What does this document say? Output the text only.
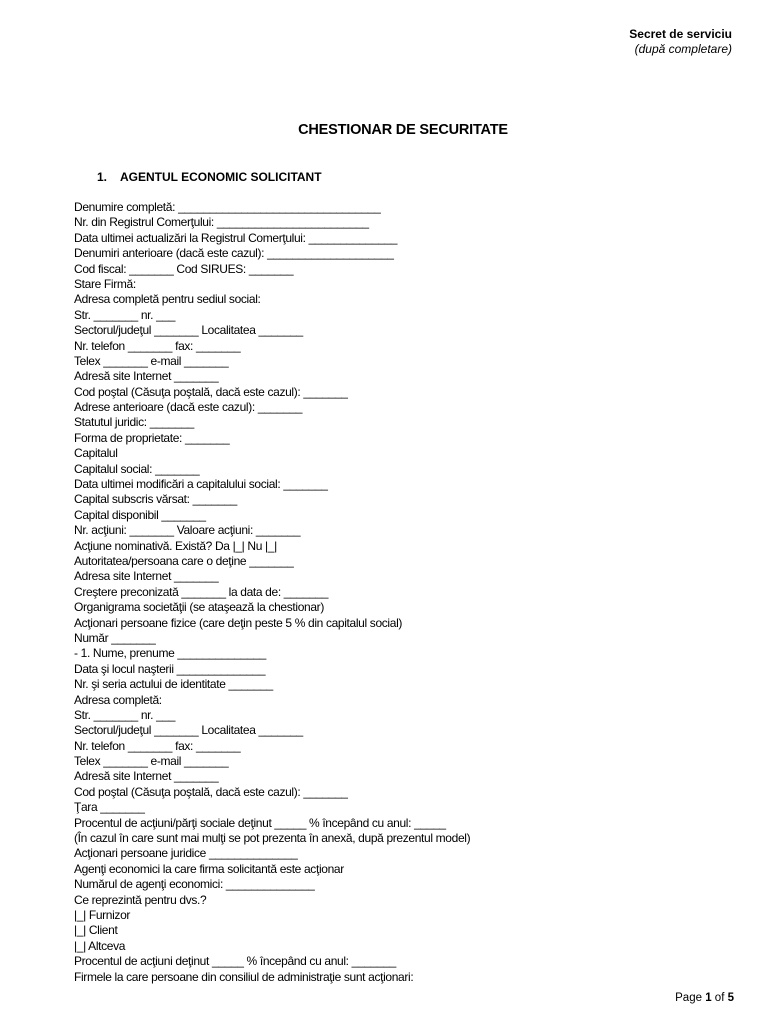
Secret de serviciu
(după completare)
CHESTIONAR DE SECURITATE
1. AGENTUL ECONOMIC SOLICITANT
Denumire completă: ________________________________
Nr. din Registrul Comerţului: ________________________
Data ultimei actualizări la Registrul Comerţului: ______________
Denumiri anterioare (dacă este cazul): ____________________
Cod fiscal: _______ Cod SIRUES: _______
Stare Firmă:
Adresa completă pentru sediul social:
Str. _______ nr. ___
Sectorul/judeţul _______ Localitatea _______
Nr. telefon _______ fax: _______
Telex _______ e-mail _______
Adresă site Internet _______
Cod poştal (Căsuţa poştală, dacă este cazul): _______
Adrese anterioare (dacă este cazul): _______
Statutul juridic: _______
Forma de proprietate: _______
Capitalul
Capitalul social: _______
Data ultimei modificări a capitalului social: _______
Capital subscris vărsat: _______
Capital disponibil _______
Nr. acţiuni: _______ Valoare acţiuni: _______
Acţiune nominativă. Există? Da |_| Nu |_|
Autoritatea/persoana care o deţine _______
Adresa site Internet _______
Creştere preconizată _______ la data de: _______
Organigrama societăţii (se ataşează la chestionar)
Acţionari persoane fizice (care deţin peste 5 % din capitalul social)
Număr _______
- 1. Nume, prenume ______________
Data şi locul naşterii ______________
Nr. şi seria actului de identitate _______
Adresa completă:
Str. _______ nr. ___
Sectorul/judeţul _______ Localitatea _______
Nr. telefon _______ fax: _______
Telex _______ e-mail _______
Adresă site Internet _______
Cod poştal (Căsuţa poştală, dacă este cazul): _______
Ţara _______
Procentul de acţiuni/părţi sociale deţinut _____ % începând cu anul: _____
(În cazul în care sunt mai mulţi se pot prezenta în anexă, după prezentul model)
Acţionari persoane juridice ______________
Agenţi economici la care firma solicitantă este acţionar
Numărul de agenţi economici: ______________
Ce reprezintă pentru dvs.?
|_| Furnizor
|_| Client
|_| Altceva
Procentul de acţiuni deţinut _____ % începând cu anul: _______
Firmele la care persoane din consiliul de administraţie sunt acţionari:
Page 1 of 5
